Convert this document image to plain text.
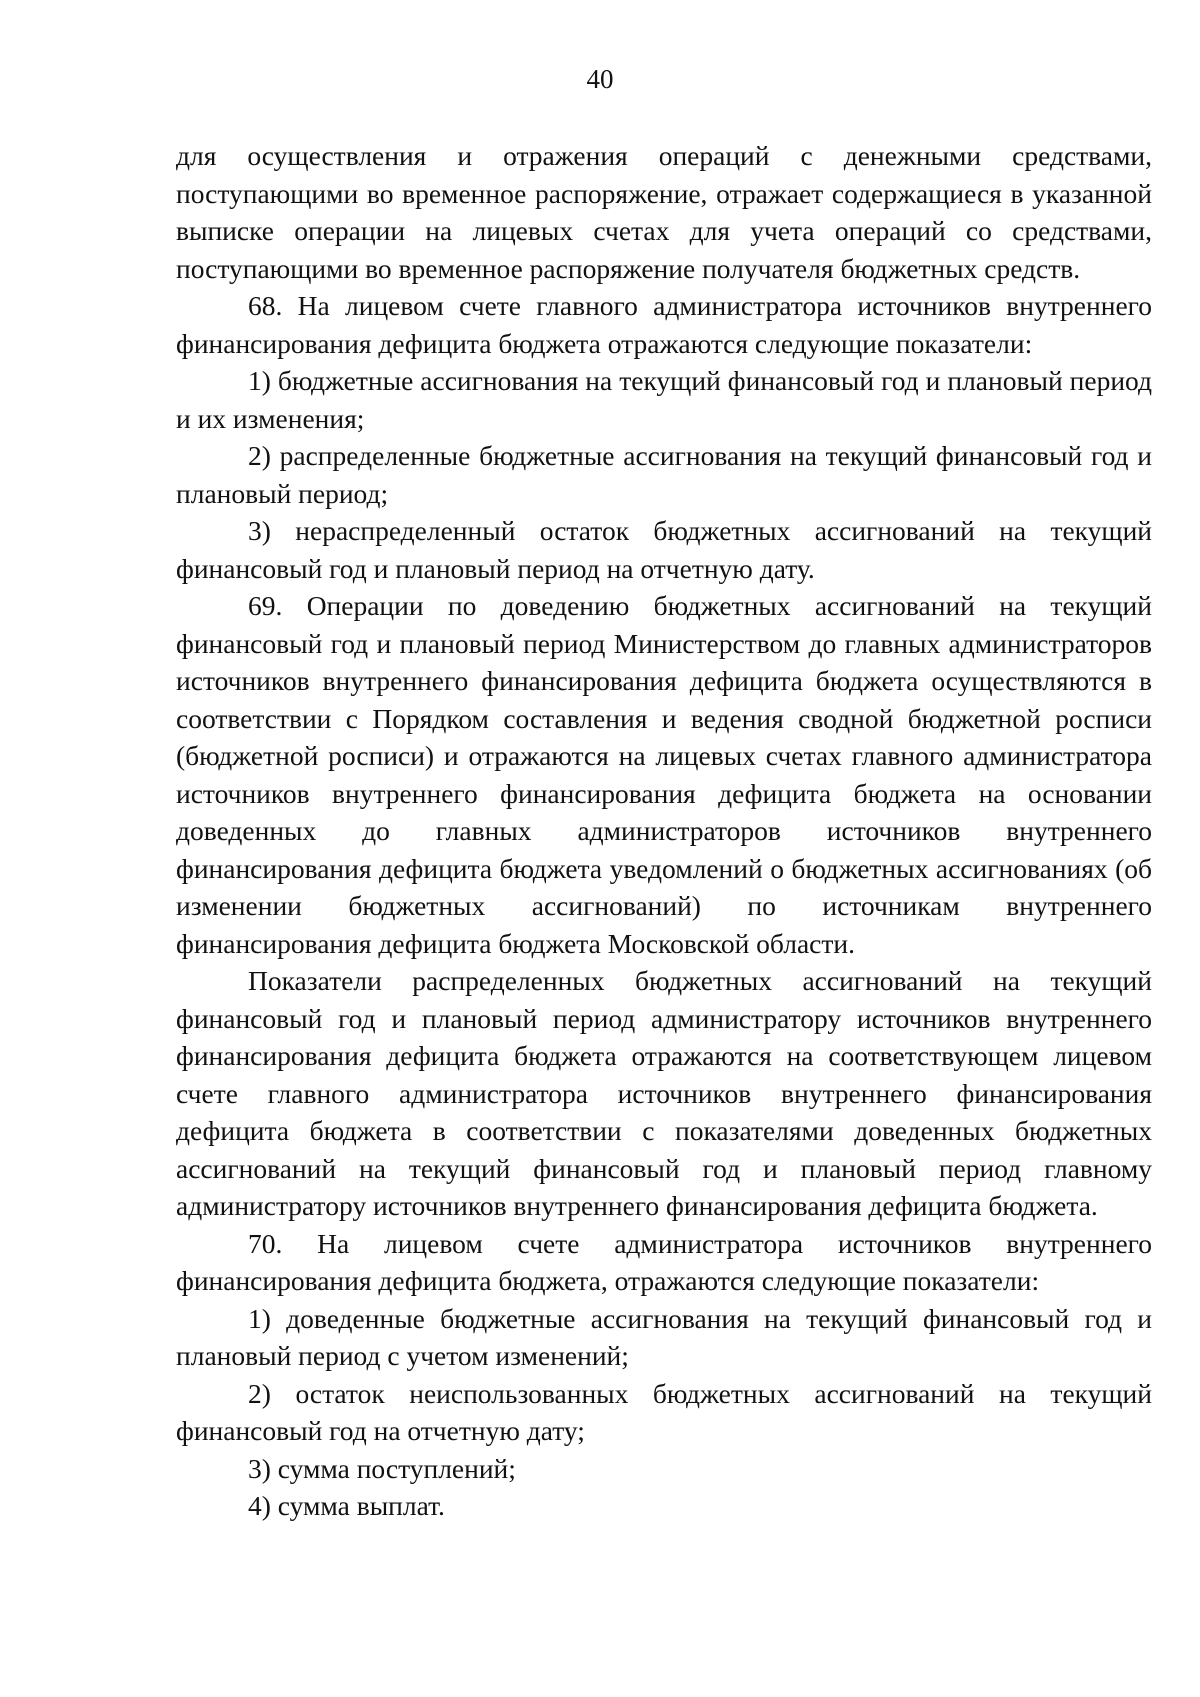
40

для осуществления и отражения операций с денежными средствами, поступающими во временное распоряжение, отражает содержащиеся в указанной выписке операции на лицевых счетах для учета операций со средствами, поступающими во временное распоряжение получателя бюджетных средств.

68. На лицевом счете главного администратора источников внутреннего финансирования дефицита бюджета отражаются следующие показатели:

1) бюджетные ассигнования на текущий финансовый год и плановый период и их изменения;

2) распределенные бюджетные ассигнования на текущий финансовый год и плановый период;

3) нераспределенный остаток бюджетных ассигнований на текущий финансовый год и плановый период на отчетную дату.

69. Операции по доведению бюджетных ассигнований на текущий финансовый год и плановый период Министерством до главных администраторов источников внутреннего финансирования дефицита бюджета осуществляются в соответствии с Порядком составления и ведения сводной бюджетной росписи (бюджетной росписи) и отражаются на лицевых счетах главного администратора источников внутреннего финансирования дефицита бюджета на основании доведенных до главных администраторов источников внутреннего финансирования дефицита бюджета уведомлений о бюджетных ассигнованиях (об изменении бюджетных ассигнований) по источникам внутреннего финансирования дефицита бюджета Московской области.

Показатели распределенных бюджетных ассигнований на текущий финансовый год и плановый период администратору источников внутреннего финансирования дефицита бюджета отражаются на соответствующем лицевом счете главного администратора источников внутреннего финансирования дефицита бюджета в соответствии с показателями доведенных бюджетных ассигнований на текущий финансовый год и плановый период главному администратору источников внутреннего финансирования дефицита бюджета.

70. На лицевом счете администратора источников внутреннего финансирования дефицита бюджета, отражаются следующие показатели:

1) доведенные бюджетные ассигнования на текущий финансовый год и плановый период с учетом изменений;

2) остаток неиспользованных бюджетных ассигнований на текущий финансовый год на отчетную дату;

3) сумма поступлений;

4) сумма выплат.
